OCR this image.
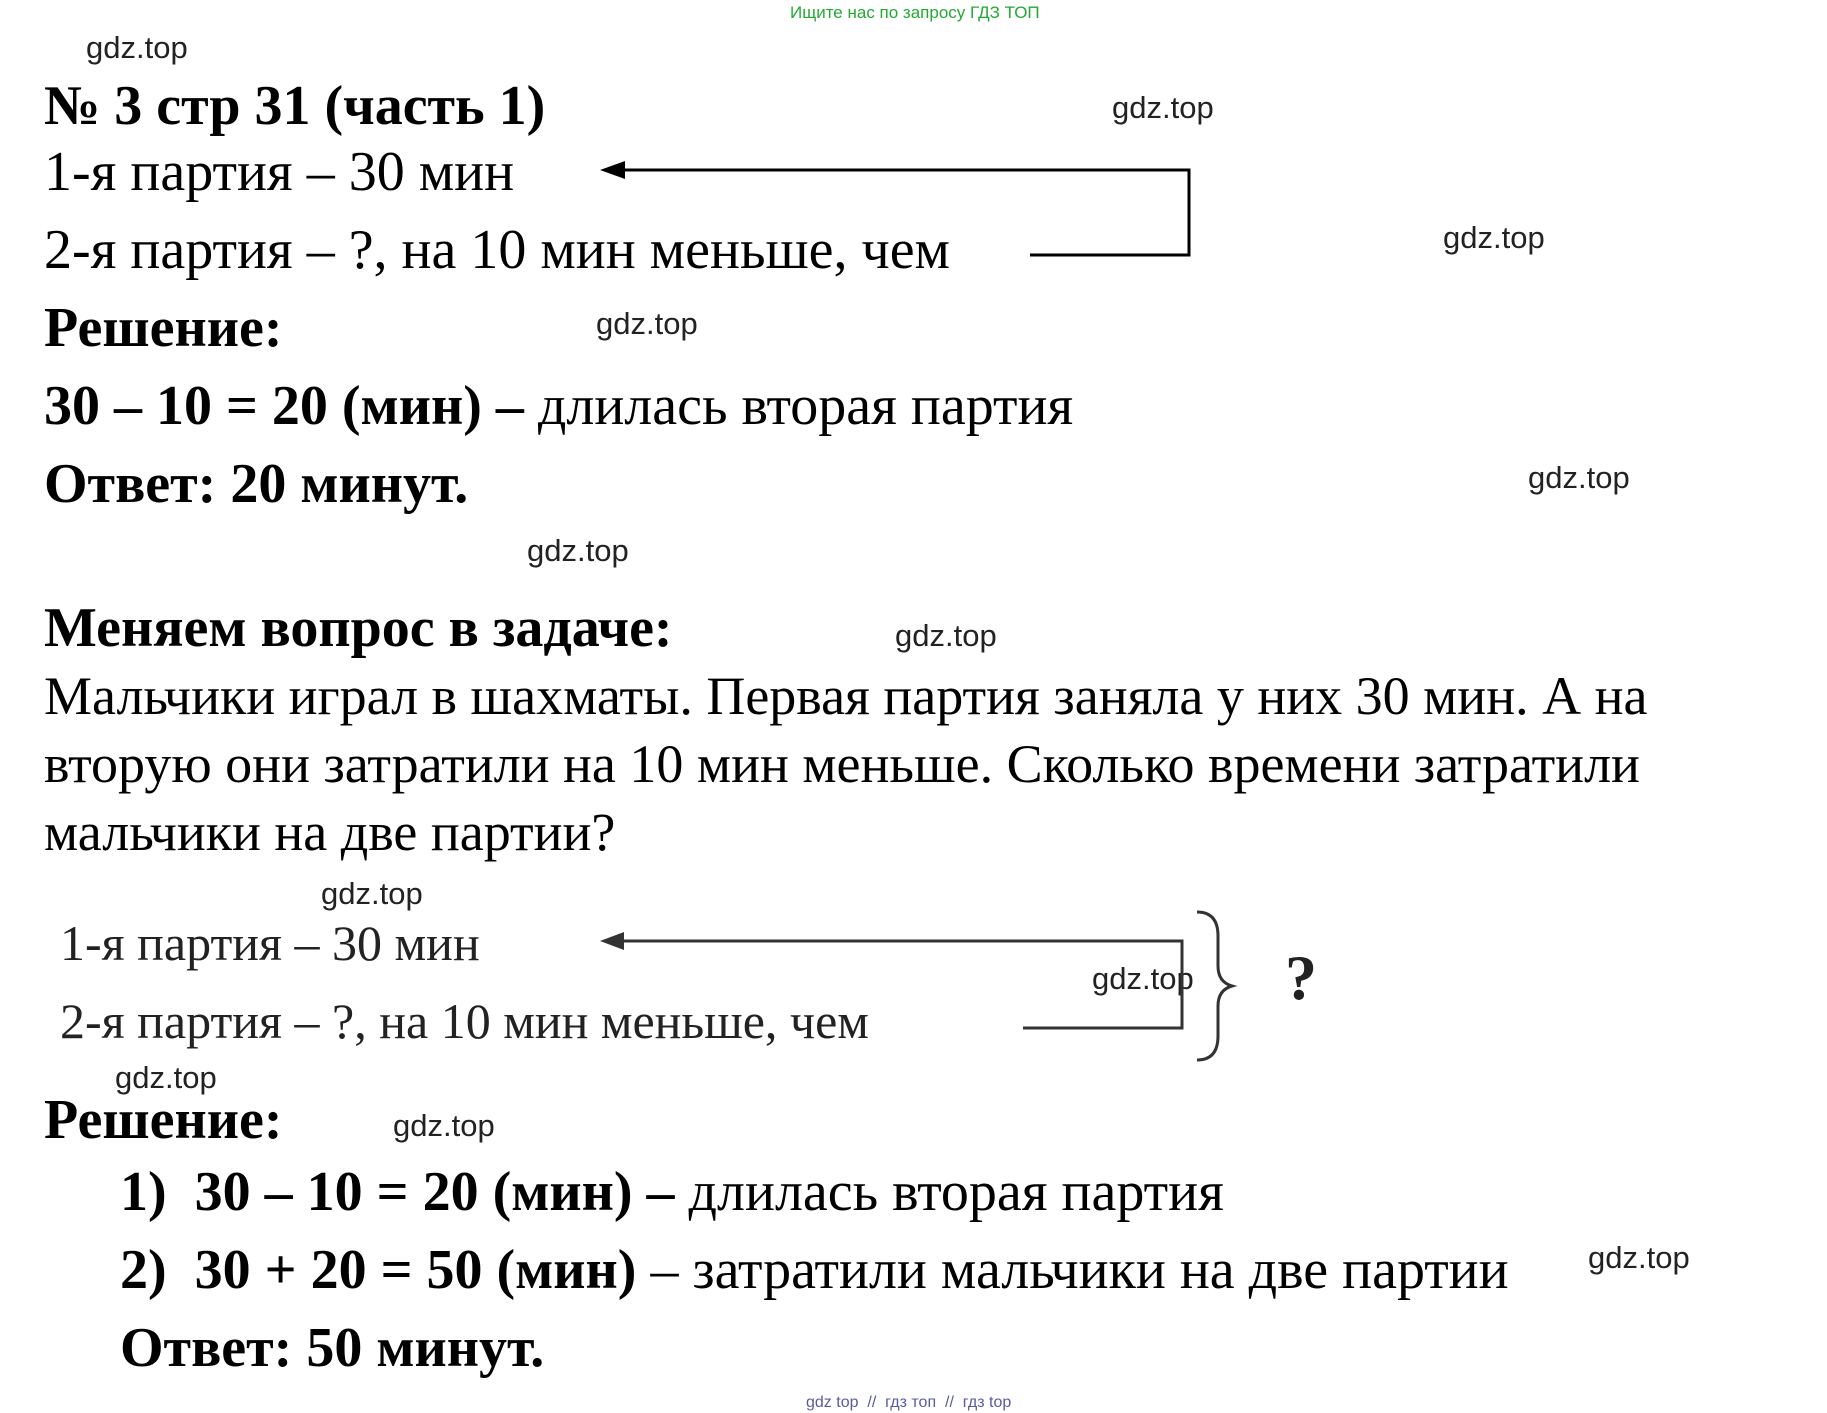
Ищите нас по запросу ГДЗ ТОП
gdz.top
gdz.top
gdz.top
gdz.top
gdz.top
gdz.top
gdz.top
gdz.top
gdz.top
gdz.top
gdz.top
gdz.top
№ 3 стр 31 (часть 1)
1-я партия – 30 мин
2-я партия – ?, на 10 мин меньше, чем
Решение:
30 – 10 = 20 (мин) – длилась вторая партия
Ответ: 20 минут.
Меняем вопрос в задаче:
Мальчики играл в шахматы. Первая партия заняла у них 30 мин. А на
вторую они затратили на 10 мин меньше. Сколько времени затратили
мальчики на две партии?
1-я партия – 30 мин
2-я партия – ?, на 10 мин меньше, чем
?
Решение:
1) 30 – 10 = 20 (мин) – длилась вторая партия
2) 30 + 20 = 50 (мин) – затратили мальчики на две партии
Ответ: 50 минут.
gdz top  //  гдз топ  //  гдз top
